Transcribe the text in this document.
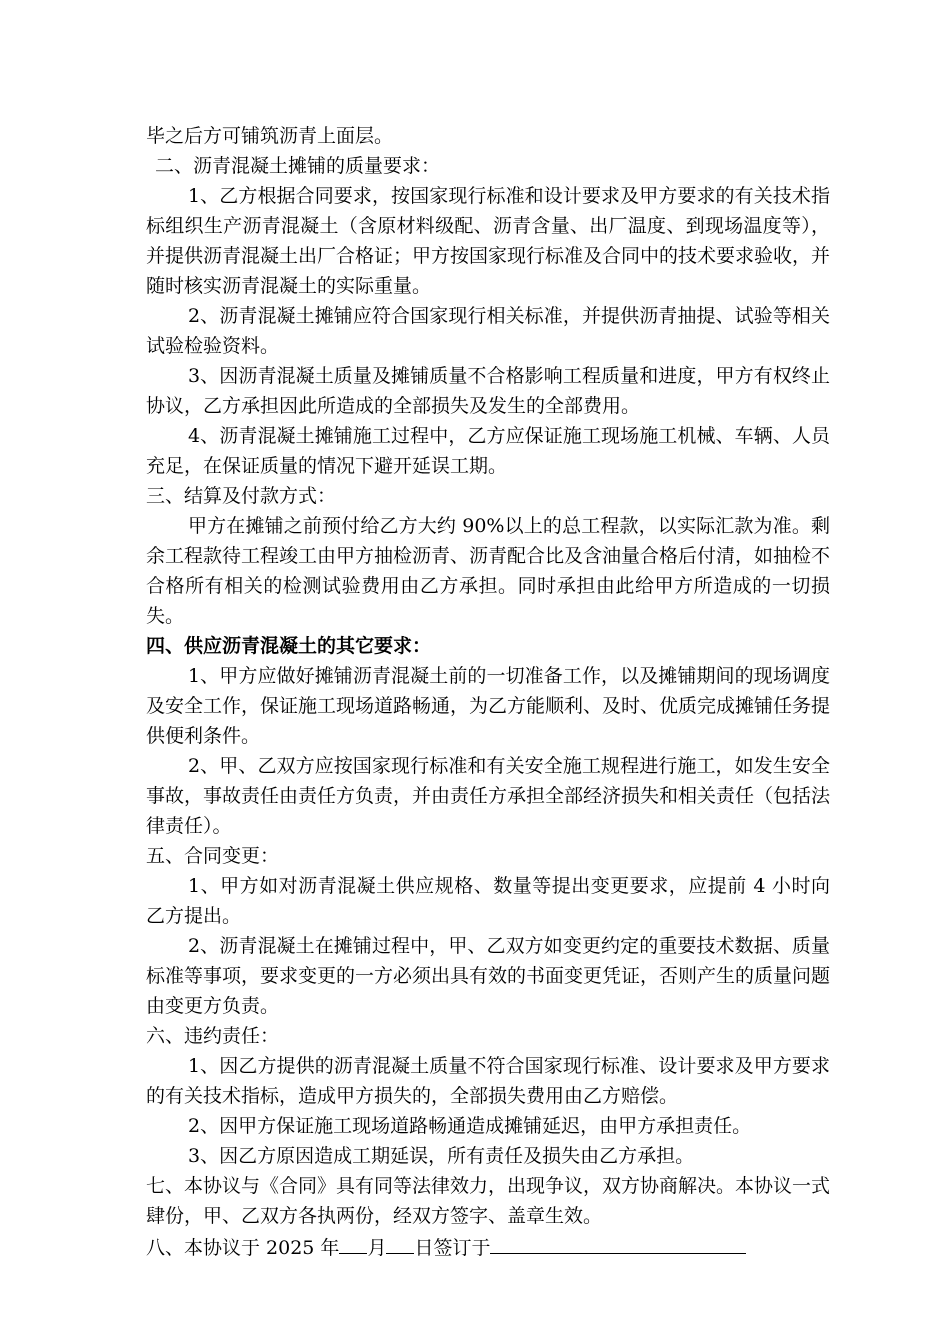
毕之后方可铺筑沥青上面层。

二、沥青混凝土摊铺的质量要求：

1、乙方根据合同要求，按国家现行标准和设计要求及甲方要求的有关技术指标组织生产沥青混凝土（含原材料级配、沥青含量、出厂温度、到现场温度等），并提供沥青混凝土出厂合格证；甲方按国家现行标准及合同中的技术要求验收，并随时核实沥青混凝土的实际重量。

2、沥青混凝土摊铺应符合国家现行相关标准，并提供沥青抽提、试验等相关试验检验资料。

3、因沥青混凝土质量及摊铺质量不合格影响工程质量和进度，甲方有权终止协议，乙方承担因此所造成的全部损失及发生的全部费用。

4、沥青混凝土摊铺施工过程中，乙方应保证施工现场施工机械、车辆、人员充足，在保证质量的情况下避开延误工期。

三、结算及付款方式：

甲方在摊铺之前预付给乙方大约 90%以上的总工程款，以实际汇款为准。剩余工程款待工程竣工由甲方抽检沥青、沥青配合比及含油量合格后付清，如抽检不合格所有相关的检测试验费用由乙方承担。同时承担由此给甲方所造成的一切损失。

四、供应沥青混凝土的其它要求：

1、甲方应做好摊铺沥青混凝土前的一切准备工作，以及摊铺期间的现场调度及安全工作，保证施工现场道路畅通，为乙方能顺利、及时、优质完成摊铺任务提供便利条件。

2、甲、乙双方应按国家现行标准和有关安全施工规程进行施工，如发生安全事故，事故责任由责任方负责，并由责任方承担全部经济损失和相关责任（包括法律责任）。

五、合同变更：

1、甲方如对沥青混凝土供应规格、数量等提出变更要求，应提前 4 小时向乙方提出。

2、沥青混凝土在摊铺过程中，甲、乙双方如变更约定的重要技术数据、质量标准等事项，要求变更的一方必须出具有效的书面变更凭证，否则产生的质量问题由变更方负责。

六、违约责任：

1、因乙方提供的沥青混凝土质量不符合国家现行标准、设计要求及甲方要求的有关技术指标，造成甲方损失的，全部损失费用由乙方赔偿。

2、因甲方保证施工现场道路畅通造成摊铺延迟，由甲方承担责任。

3、因乙方原因造成工期延误，所有责任及损失由乙方承担。

七、本协议与《合同》具有同等法律效力，出现争议，双方协商解决。本协议一式肆份，甲、乙双方各执两份，经双方签字、盖章生效。

八、本协议于 2025 年 月 日签订于
